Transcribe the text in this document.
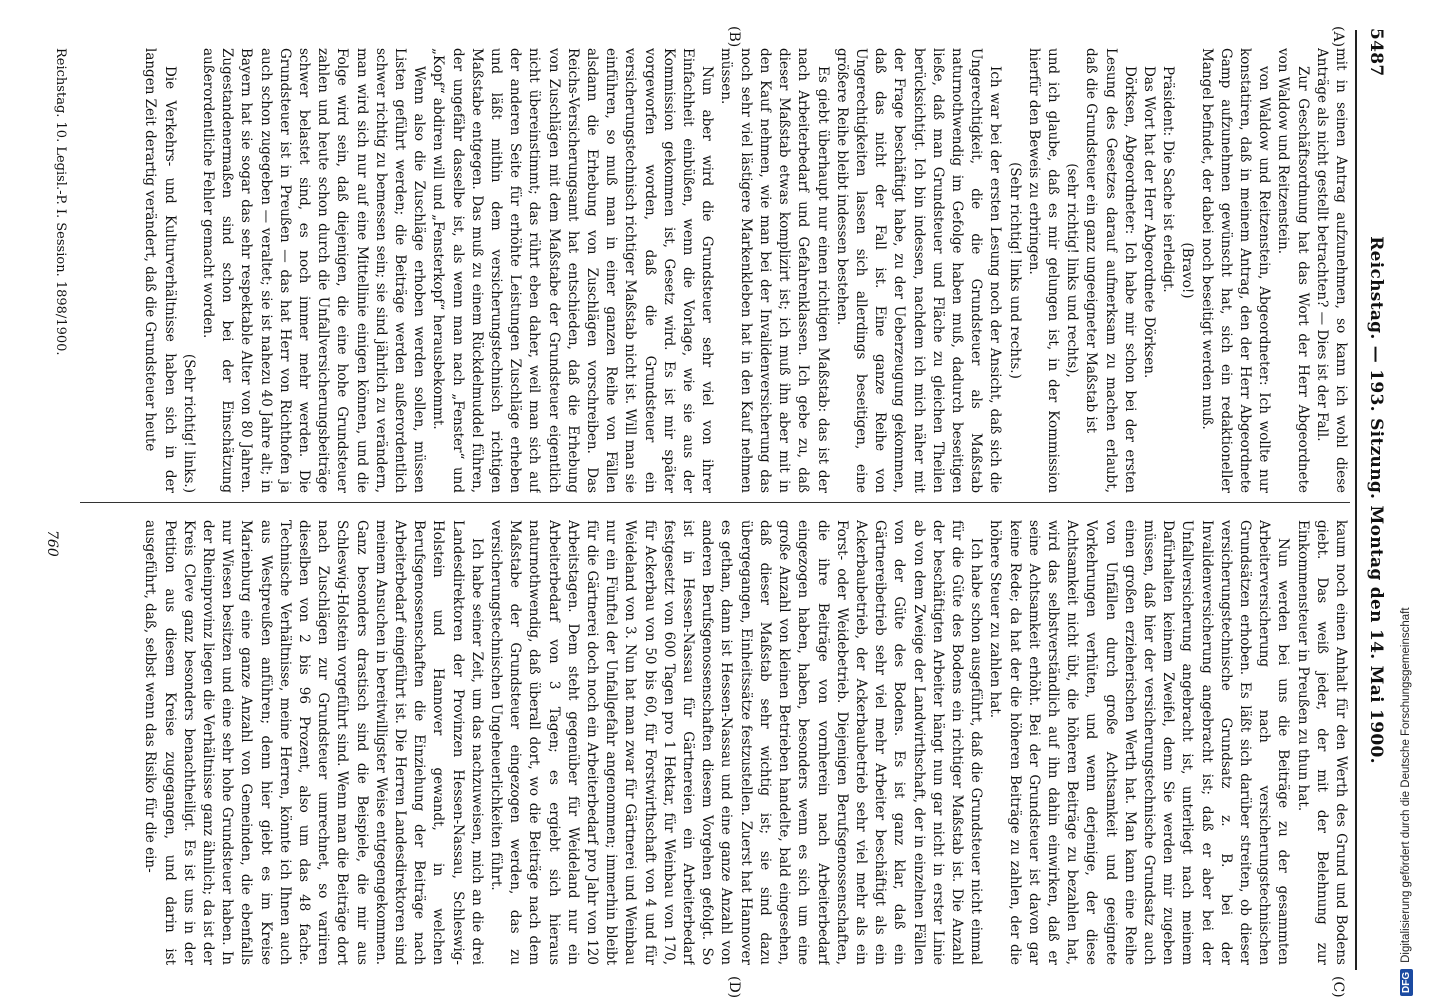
5487
Reichstag. — 193. Sitzung. Montag den 14. Mai 1900.
(A)
(B)
(C)
(D)

mit in seinen Antrag aufzunehmen, so kann ich wohl diese Anträge als nicht gestellt betrachten? — Dies ist der Fall.

Zur Geschäftsordnung hat das Wort der Herr Abgeordnete von Waldow und Reitzenstein.

von Waldow und Reitzenstein, Abgeordneter: Ich wollte nur konstatiren, daß in meinem Antrag, den der Herr Abgeordnete Gamp aufzunehmen gewünscht hat, sich ein redaktioneller Mangel befindet, der dabei noch beseitigt werden muß.

(Bravo!)

Präsident: Die Sache ist erledigt.

Das Wort hat der Herr Abgeordnete Dörksen.

Dörksen, Abgeordneter: Ich habe mir schon bei der ersten Lesung des Gesetzes darauf aufmerksam zu machen erlaubt, daß die Grundsteuer ein ganz ungeeigneter Maßstab ist

(sehr richtig! links und rechts),

und ich glaube, daß es mir gelungen ist, in der Kommission hierfür den Beweis zu erbringen.

(Sehr richtig! links und rechts.)

Ich war bei der ersten Lesung noch der Ansicht, daß sich die Ungerechtigkeit, die die Grundsteuer als Maßstab naturnothwendig im Gefolge haben muß, dadurch beseitigen ließe, daß man Grundsteuer und Fläche zu gleichen Theilen berücksichtigt. Ich bin indessen, nachdem ich mich näher mit der Frage beschäftigt habe, zu der Ueberzeugung gekommen, daß das nicht der Fall ist. Eine ganze Reihe von Ungerechtigkeiten lassen sich allerdings beseitigen, eine größere Reihe bleibt indessen bestehen.

Es giebt überhaupt nur einen richtigen Maßstab: das ist der nach Arbeiterbedarf und Gefahrenklassen. Ich gebe zu, daß dieser Maßstab etwas komplizirt ist; ich muß ihn aber mit in den Kauf nehmen, wie man bei der Invalidenversicherung das noch sehr viel lästigere Markenkleben hat in den Kauf nehmen müssen.

Nun aber wird die Grundsteuer sehr viel von ihrer Einfachheit einbüßen, wenn die Vorlage, wie sie aus der Kommission gekommen ist, Gesetz wird. Es ist mir später vorgeworfen worden, daß die Grundsteuer ein versicherungstechnisch richtiger Maßstab nicht ist. Will man sie einführen, so muß man in einer ganzen Reihe von Fällen alsdann die Erhebung von Zuschlägen vorschreiben. Das Reichs-Versicherungsamt hat entschieden, daß die Erhebung von Zuschlägen mit dem Maßstabe der Grundsteuer eigentlich nicht übereinstimmt; das rührt eben daher, weil man sich auf der anderen Seite für erhöhte Leistungen Zuschläge erheben und läßt mithin dem versicherungstechnisch richtigen Maßstabe entgegen. Das muß zu einem Rückdelmuddel führen, der ungefähr dasselbe ist, als wenn man nach „Fenster“ und „Kopf“ abdiren will und „Fensterkopf“ herausbekommt.

Wenn also die Zuschläge erhoben werden sollen, müssen Listen geführt werden; die Beiträge werden außerordentlich schwer richtig zu bemessen sein; sie sind jährlich zu verändern, man wird sich nur auf eine Mittellinie einigen können, und die Folge wird sein, daß diejenigen, die eine hohe Grundsteuer zahlen und heute schon durch die Unfallversicherungsbeiträge schwer belastet sind, es noch immer mehr werden. Die Grundsteuer ist in Preußen — das hat Herr von Richthofen ja auch schon zugegeben — veraltet; sie ist nahezu 40 Jahre alt; in Bayern hat sie sogar das sehr respektable Alter von 80 Jahren. Zugestandenermaßen sind schon bei der Einschätzung außerordentliche Fehler gemacht worden.

(Sehr richtig! links.)

Die Verkehrs- und Kulturverhältnisse haben sich in der langen Zeit derartig verändert, daß die Grundsteuer heute

kaum noch einen Anhalt für den Werth des Grund und Bodens giebt. Das weiß jeder, der mit der Belehnung zur Einkommensteuer in Preußen zu thun hat.

Nun werden bei uns die Beiträge zu der gesammten Arbeiterversicherung nach versicherungstechnischen Grundsätzen erhoben. Es läßt sich darüber streiten, ob dieser versicherungstechnische Grundsatz z. B. bei der Invalidenversicherung angebracht ist; daß er aber bei der Unfallversicherung angebracht ist, unterliegt nach meinem Dafürhalten keinem Zweifel, denn Sie werden mir zugeben müssen, daß hier der versicherungstechnische Grundsatz auch einen großen erzieherischen Werth hat. Man kann eine Reihe von Unfällen durch große Achtsamkeit und geeignete Vorkehrungen verhüten, und wenn derjenige, der diese Achtsamkeit nicht übt, die höheren Beiträge zu bezahlen hat, wird das selbstverständlich auf ihn dahin einwirken, daß er seine Achtsamkeit erhöht. Bei der Grundsteuer ist davon gar keine Rede; da hat der die höheren Beiträge zu zahlen, der die höhere Steuer zu zahlen hat.

Ich habe schon ausgeführt, daß die Grundsteuer nicht einmal für die Güte des Bodens ein richtiger Maßstab ist. Die Anzahl der beschäftigten Arbeiter hängt nun gar nicht in erster Linie ab von dem Zweige der Landwirthschaft, der in einzelnen Fällen von der Güte des Bodens. Es ist ganz klar, daß ein Gärtnereibetrieb sehr viel mehr Arbeiter beschäftigt als ein Ackerbaubetrieb, der Ackerbaubetrieb sehr viel mehr als ein Forst- oder Weidebetrieb. Diejenigen Berufsgenossenschaften, die ihre Beiträge von vornherein nach Arbeiterbedarf eingezogen haben, haben, besonders wenn es sich um eine große Anzahl von kleinen Betrieben handelte, bald eingesehen, daß dieser Maßstab sehr wichtig ist; sie sind dazu übergegangen, Einheitssätze festzustellen. Zuerst hat Hannover es gethan, dann ist Hessen-Nassau und eine ganze Anzahl von anderen Berufsgenossenschaften diesem Vorgehen gefolgt. So ist in Hessen-Nassau für Gärtnereien ein Arbeiterbedarf festgesetzt von 600 Tagen pro 1 Hektar, für Weinbau von 170, für Ackerbau von 50 bis 60, für Forstwirthschaft von 4 und für Weideland von 3. Nun hat man zwar für Gärtnerei und Weinbau nur ein Fünftel der Unfallgefahr angenommen; immerhin bleibt für die Gärtnerei doch noch ein Arbeiterbedarf pro Jahr von 120 Arbeitstagen. Dem steht gegenüber für Weideland nur ein Arbeiterbedarf von 3 Tagen; es ergiebt sich hieraus naturnothwendig, daß überall dort, wo die Beiträge nach dem Maßstabe der Grundsteuer eingezogen werden, das zu versicherungstechnischen Ungeheuerlichkeiten führt.

Ich habe seiner Zeit, um das nachzuweisen, mich an die drei Landesdirektoren der Provinzen Hessen-Nassau, Schleswig-Holstein und Hannover gewandt, in welchen Berufsgenossenschaften die Einziehung der Beiträge nach Arbeiterbedarf eingeführt ist. Die Herren Landesdirektoren sind meinem Ansuchen in bereitwilligster Weise entgegengekommen. Ganz besonders drastisch sind die Beispiele, die mir aus Schleswig-Holstein vorgeführt sind. Wenn man die Beiträge dort nach Zuschlägen zur Grundsteuer umrechnet, so variiren dieselben von 2 bis 96 Prozent, also um das 48 fache. Technische Verhältnisse, meine Herren, könnte ich Ihnen auch aus Westpreußen anführen; denn hier giebt es im Kreise Marienburg eine ganze Anzahl von Gemeinden, die ebenfalls nur Wiesen besitzen und eine sehr hohe Grundsteuer haben. In der Rheinprovinz liegen die Verhältnisse ganz ähnlich; da ist der Kreis Cleve ganz besonders benachtheiligt. Es ist uns in der Petition aus diesem Kreise zugegangen, und darin ist ausgeführt, daß, selbst wenn das Risiko für die ein-

Reichstag. 10. Legisl.-P. I. Session. 1898/1900.
760
DFGDigitalisierung gefördert durch die Deutsche Forschungsgemeinschaft
